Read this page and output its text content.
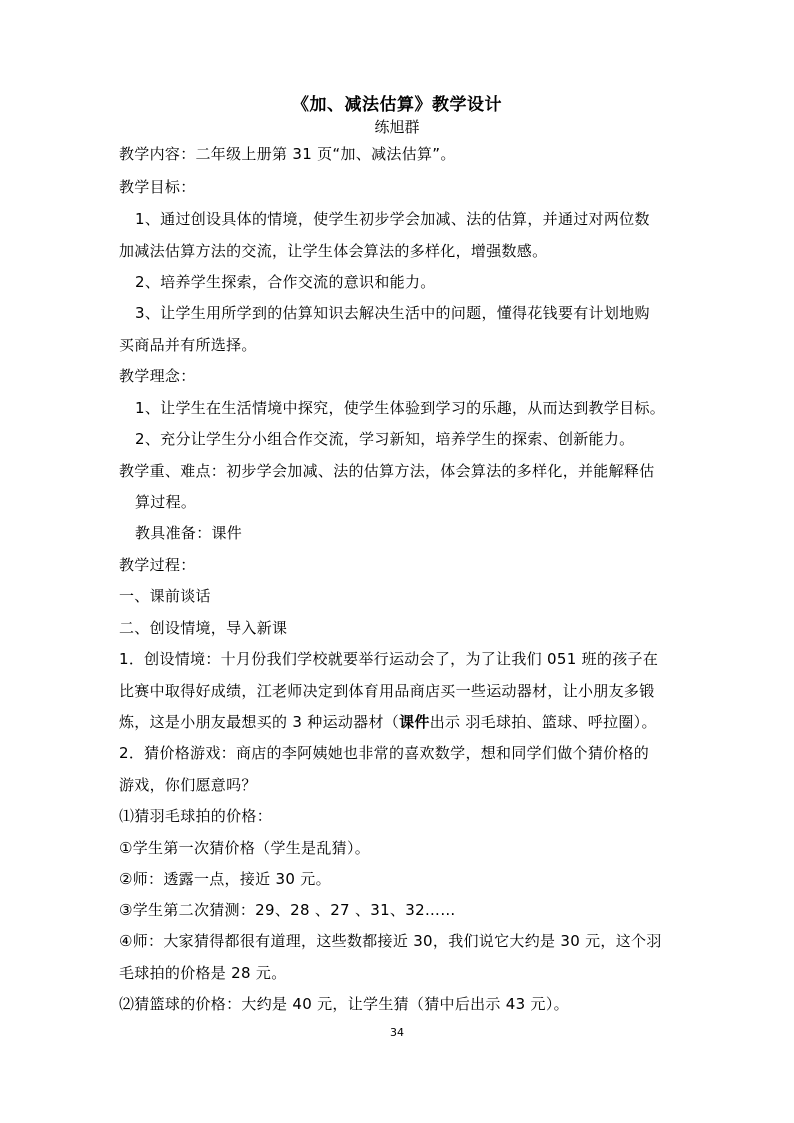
《加、减法估算》教学设计
练旭群
教学内容：二年级上册第 31 页“加、减法估算”。
教学目标：
1、通过创设具体的情境，使学生初步学会加减、法的估算，并通过对两位数
加减法估算方法的交流，让学生体会算法的多样化，增强数感。
2、培养学生探索，合作交流的意识和能力。
3、让学生用所学到的估算知识去解决生活中的问题，懂得花钱要有计划地购
买商品并有所选择。
教学理念：
1、让学生在生活情境中探究，使学生体验到学习的乐趣，从而达到教学目标。
2、充分让学生分小组合作交流，学习新知，培养学生的探索、创新能力。
教学重、难点：初步学会加减、法的估算方法，体会算法的多样化，并能解释估
算过程。
教具准备：课件
教学过程：
一、课前谈话
二、创设情境，导入新课
1．创设情境：十月份我们学校就要举行运动会了，为了让我们 051 班的孩子在
比赛中取得好成绩，江老师决定到体育用品商店买一些运动器材，让小朋友多锻
炼，这是小朋友最想买的 3 种运动器材（课件出示 羽毛球拍、篮球、呼拉圈）。
2．猜价格游戏：商店的李阿姨她也非常的喜欢数学，想和同学们做个猜价格的
游戏，你们愿意吗？
⑴猜羽毛球拍的价格：
①学生第一次猜价格（学生是乱猜）。
②师：透露一点，接近 30 元。
③学生第二次猜测：29、28 、27 、31、32……
④师：大家猜得都很有道理，这些数都接近 30，我们说它大约是 30 元，这个羽
毛球拍的价格是 28 元。
⑵猜篮球的价格：大约是 40 元，让学生猜（猜中后出示 43 元）。
34
